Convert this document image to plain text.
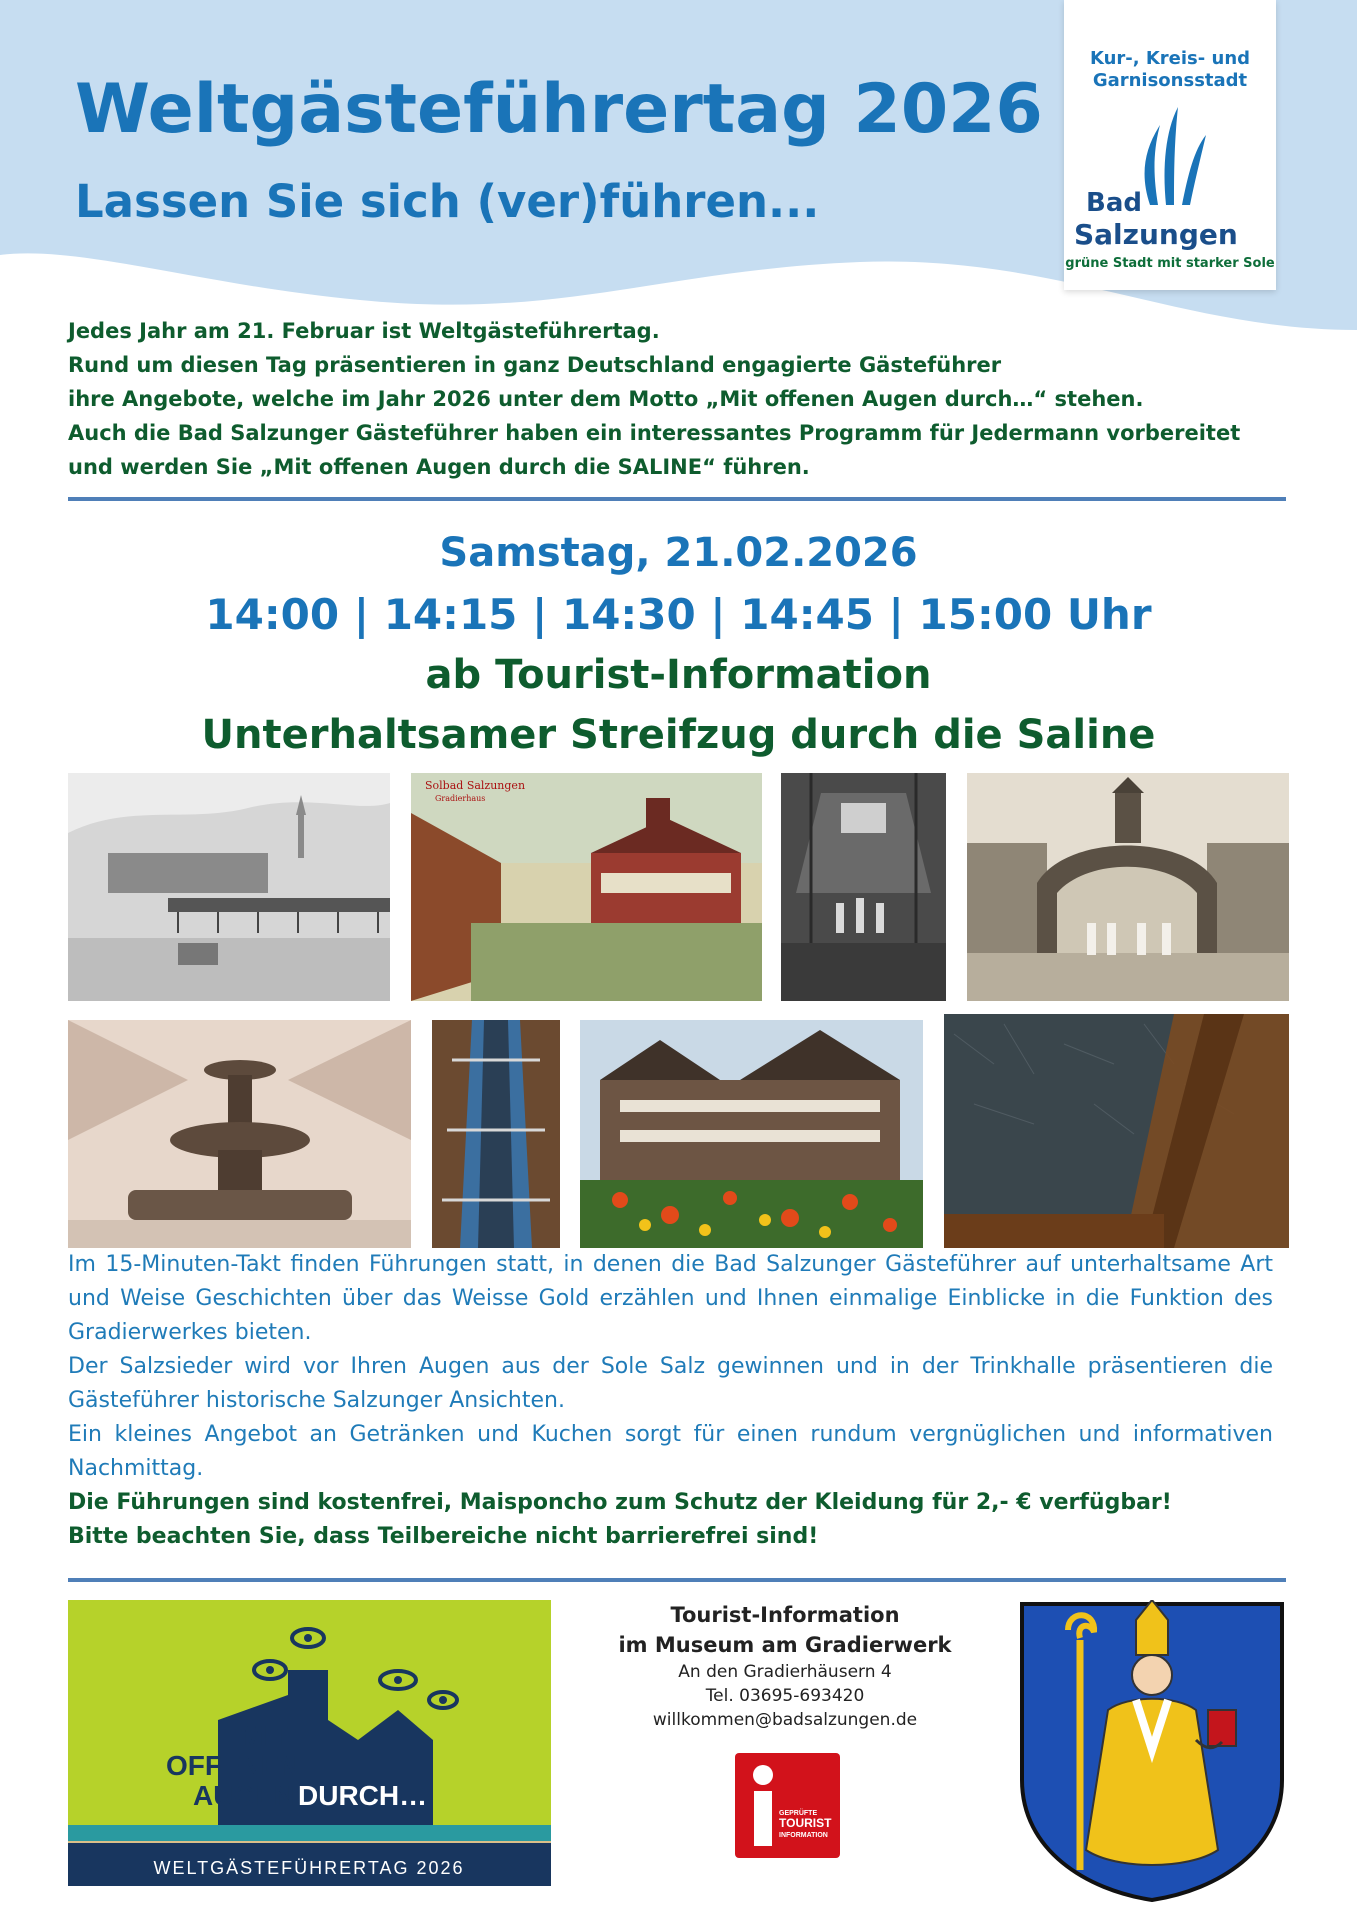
Weltgästeführertag 2026
Lassen Sie sich (ver)führen...
Kur-, Kreis- und
Garnisonsstadt
Bad
Salzungen
grüne Stadt mit starker Sole

Jedes Jahr am 21. Februar ist Weltgästeführertag.

Rund um diesen Tag präsentieren in ganz Deutschland engagierte Gästeführer

ihre Angebote, welche im Jahr 2026 unter dem Motto „Mit offenen Augen durch…“ stehen.

Auch die Bad Salzunger Gästeführer haben ein interessantes Programm für Jedermann vorbereitet

und werden Sie „Mit offenen Augen durch die SALINE“ führen.

Samstag, 21.02.2026
14:00 | 14:15 | 14:30 | 14:45 | 15:00 Uhr
ab Tourist-Information
Unterhaltsamer Streifzug durch die Saline
Solbad Salzungen
Gradierhaus

Im 15-Minuten-Takt finden Führungen statt, in denen die Bad Salzunger Gästeführer auf unterhaltsame Art und Weise Geschichten über das Weisse Gold erzählen und Ihnen einmalige Einblicke in die Funktion des Gradierwerkes bieten.

Der Salzsieder wird vor Ihren Augen aus der Sole Salz gewinnen und in der Trinkhalle präsentieren die Gästeführer historische Salzunger Ansichten.

Ein kleines Angebot an Getränken und Kuchen sorgt für einen rundum vergnüglichen und informativen Nachmittag.

Die Führungen sind kostenfrei, Maisponcho zum Schutz der Kleidung für 2,- € verfügbar!

Bitte beachten Sie, dass Teilbereiche nicht barrierefrei sind!

MIT
OFFENEN
AUGEN DURCH…
WELTGÄSTEFÜHRERTAG 2026
Tourist-Information
im Museum am Gradierwerk
An den Gradierhäusern 4
Tel. 03695-693420
willkommen@badsalzungen.de
GEPRÜFTE
TOURIST
INFORMATION
